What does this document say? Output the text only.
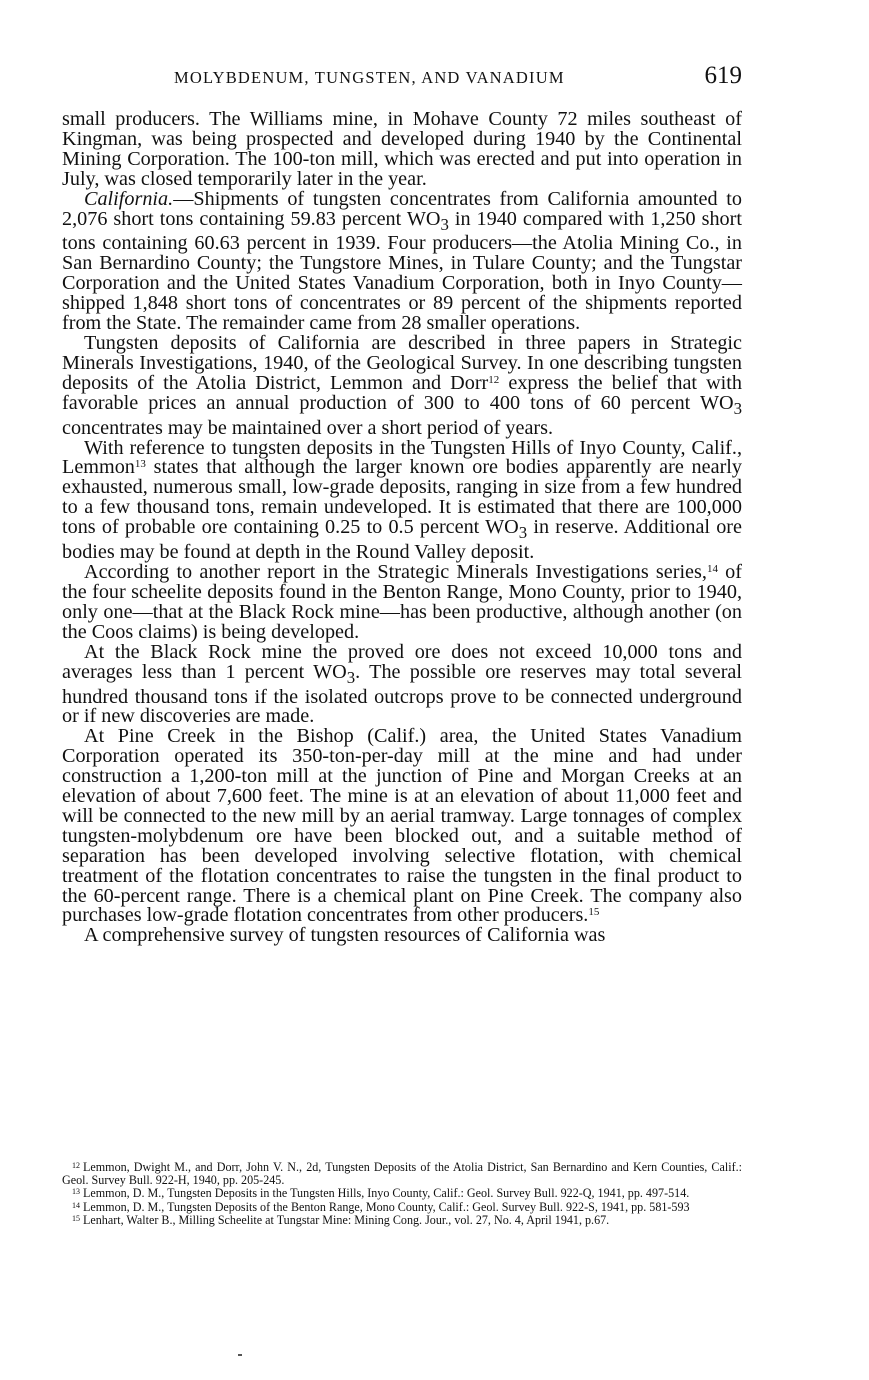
MOLYBDENUM, TUNGSTEN, AND VANADIUM	619

small producers. The Williams mine, in Mohave County 72 miles southeast of Kingman, was being prospected and developed during 1940 by the Continental Mining Corporation. The 100-ton mill, which was erected and put into operation in July, was closed temporarily later in the year.

California.—Shipments of tungsten concentrates from California amounted to 2,076 short tons containing 59.83 percent $WO_3$ in 1940 compared with 1,250 short tons containing 60.63 percent in 1939. Four producers—the Atolia Mining Co., in San Bernardino County; the Tungstore Mines, in Tulare County; and the Tungstar Corporation and the United States Vanadium Corporation, both in Inyo County—shipped 1,848 short tons of concentrates or 89 percent of the shipments reported from the State. The remainder came from 28 smaller operations.

Tungsten deposits of California are described in three papers in Strategic Minerals Investigations, 1940, of the Geological Survey. In one describing tungsten deposits of the Atolia District, Lemmon and Dorr$^{12}$ express the belief that with favorable prices an annual production of 300 to 400 tons of 60 percent $WO_3$ concentrates may be maintained over a short period of years.

With reference to tungsten deposits in the Tungsten Hills of Inyo County, Calif., Lemmon$^{13}$ states that although the larger known ore bodies apparently are nearly exhausted, numerous small, low-grade deposits, ranging in size from a few hundred to a few thousand tons, remain undeveloped. It is estimated that there are 100,000 tons of probable ore containing 0.25 to 0.5 percent $WO_3$ in reserve. Additional ore bodies may be found at depth in the Round Valley deposit.

According to another report in the Strategic Minerals Investigations series,$^{14}$ of the four scheelite deposits found in the Benton Range, Mono County, prior to 1940, only one—that at the Black Rock mine—has been productive, although another (on the Coos claims) is being developed.

At the Black Rock mine the proved ore does not exceed 10,000 tons and averages less than 1 percent $WO_3$. The possible ore reserves may total several hundred thousand tons if the isolated outcrops prove to be connected underground or if new discoveries are made.

At Pine Creek in the Bishop (Calif.) area, the United States Vanadium Corporation operated its 350-ton-per-day mill at the mine and had under construction a 1,200-ton mill at the junction of Pine and Morgan Creeks at an elevation of about 7,600 feet. The mine is at an elevation of about 11,000 feet and will be connected to the new mill by an aerial tramway. Large tonnages of complex tungsten-molybdenum ore have been blocked out, and a suitable method of separation has been developed involving selective flotation, with chemical treatment of the flotation concentrates to raise the tungsten in the final product to the 60-percent range. There is a chemical plant on Pine Creek. The company also purchases low-grade flotation concentrates from other producers.$^{15}$

A comprehensive survey of tungsten resources of California was

$^{12}$ Lemmon, Dwight M., and Dorr, John V. N., 2d, Tungsten Deposits of the Atolia District, San Bernardino and Kern Counties, Calif.: Geol. Survey Bull. 922-H, 1940, pp. 205-245.

$^{13}$ Lemmon, D. M., Tungsten Deposits in the Tungsten Hills, Inyo County, Calif.: Geol. Survey Bull. 922-Q, 1941, pp. 497-514.

$^{14}$ Lemmon, D. M., Tungsten Deposits of the Benton Range, Mono County, Calif.: Geol. Survey Bull. 922-S, 1941, pp. 581-593

$^{15}$ Lenhart, Walter B., Milling Scheelite at Tungstar Mine: Mining Cong. Jour., vol. 27, No. 4, April 1941, p.67.
